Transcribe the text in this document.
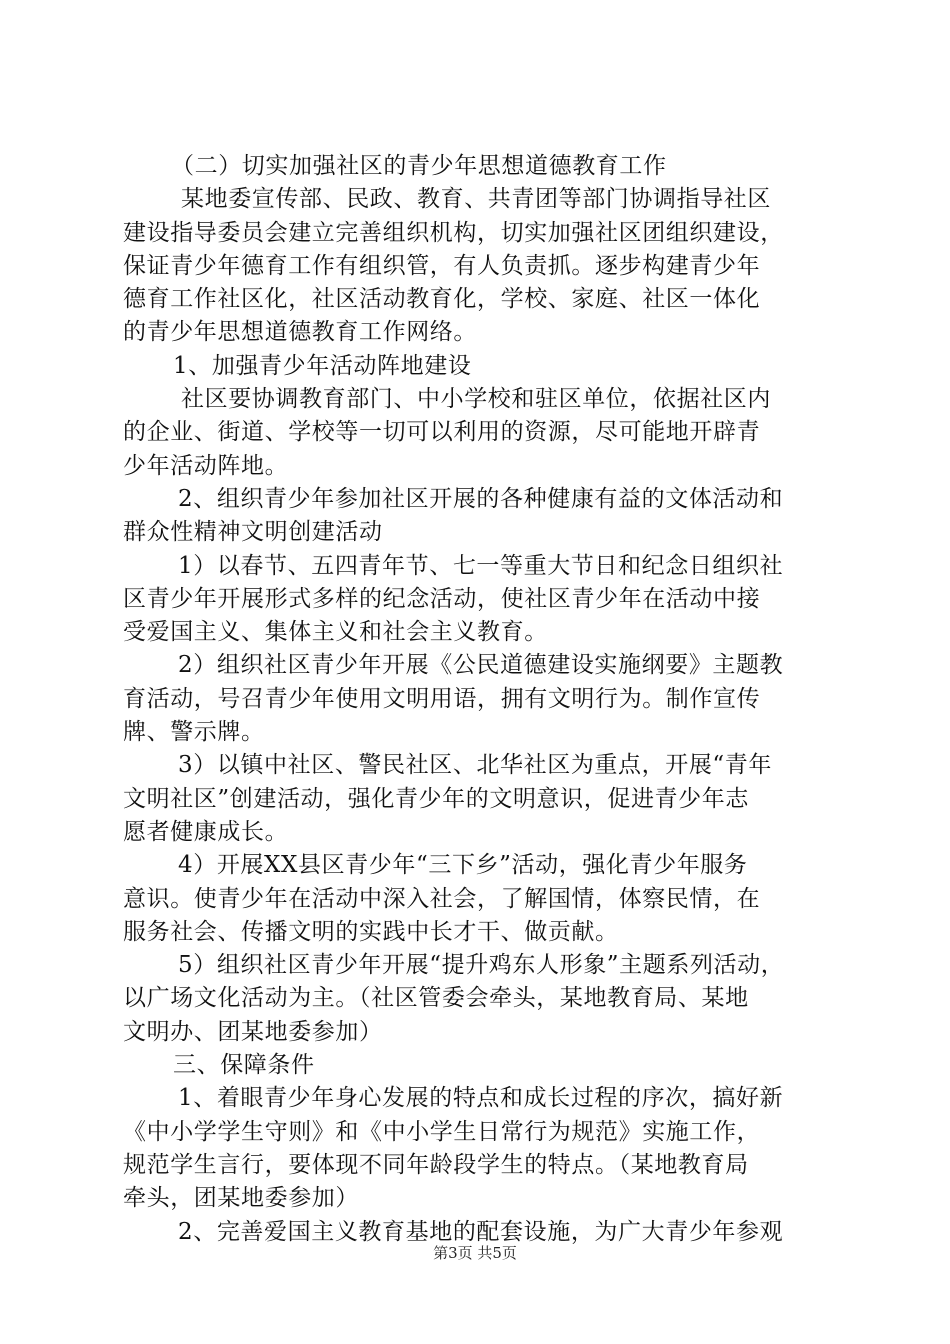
（二）切实加强社区的青少年思想道德教育工作
某地委宣传部、民政、教育、共青团等部门协调指导社区
建设指导委员会建立完善组织机构，切实加强社区团组织建设，
保证青少年德育工作有组织管，有人负责抓。逐步构建青少年
德育工作社区化，社区活动教育化，学校、家庭、社区一体化
的青少年思想道德教育工作网络。
1、加强青少年活动阵地建设
社区要协调教育部门、中小学校和驻区单位，依据社区内
的企业、街道、学校等一切可以利用的资源，尽可能地开辟青
少年活动阵地。
2、组织青少年参加社区开展的各种健康有益的文体活动和
群众性精神文明创建活动
1）以春节、五四青年节、七一等重大节日和纪念日组织社
区青少年开展形式多样的纪念活动，使社区青少年在活动中接
受爱国主义、集体主义和社会主义教育。
2）组织社区青少年开展《公民道德建设实施纲要》主题教
育活动，号召青少年使用文明用语，拥有文明行为。制作宣传
牌、警示牌。
3）以镇中社区、警民社区、北华社区为重点，开展“青年
文明社区”创建活动，强化青少年的文明意识，促进青少年志
愿者健康成长。
4）开展XX县区青少年“三下乡”活动，强化青少年服务
意识。使青少年在活动中深入社会，了解国情，体察民情，在
服务社会、传播文明的实践中长才干、做贡献。
5）组织社区青少年开展“提升鸡东人形象”主题系列活动，
以广场文化活动为主。（社区管委会牵头，某地教育局、某地
文明办、团某地委参加）
三、保障条件
1、着眼青少年身心发展的特点和成长过程的序次，搞好新
《中小学学生守则》和《中小学生日常行为规范》实施工作，
规范学生言行，要体现不同年龄段学生的特点。（某地教育局
牵头，团某地委参加）
2、完善爱国主义教育基地的配套设施，为广大青少年参观
第3页 共5页
